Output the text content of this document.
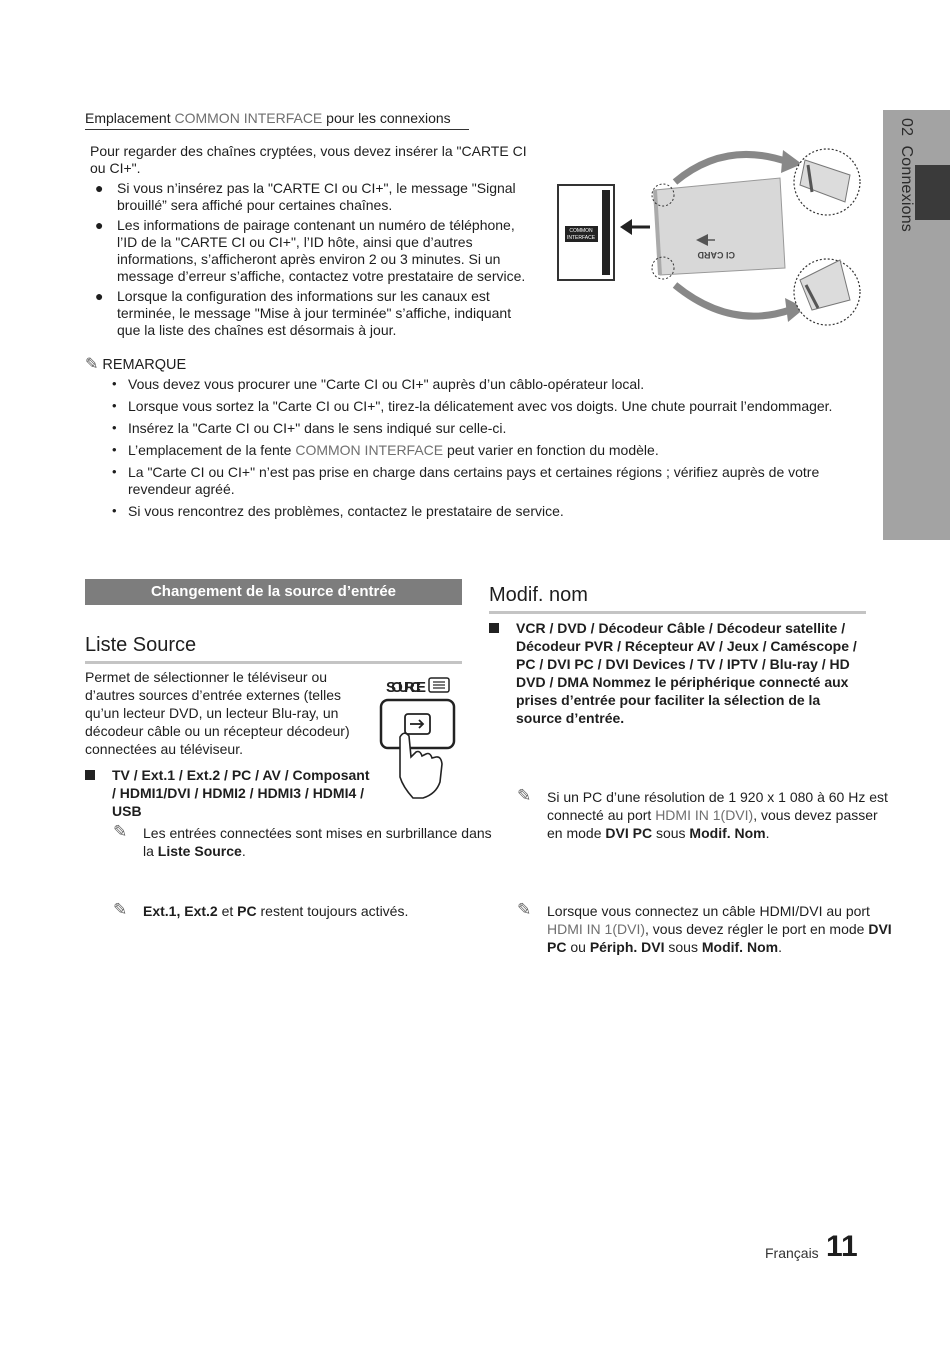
02  Connexions
Emplacement COMMON INTERFACE pour les connexions
Pour regarder des chaînes cryptées, vous devez insérer la "CARTE CI ou CI+".
● Si vous n’insérez pas la "CARTE CI ou CI+", le message "Signal brouillé” sera affiché pour certaines chaînes.
● Les informations de pairage contenant un numéro de téléphone, l’ID de la "CARTE CI ou CI+", l’ID hôte, ainsi que d’autres informations, s’afficheront après environ 2 ou 3 minutes. Si un message d’erreur s’affiche, contactez votre prestataire de service.
● Lorsque la configuration des informations sur les canaux est terminée, le message "Mise à jour terminée" s’affiche, indiquant que la liste des chaînes est désormais à jour.
COMMON
INTERFACE
CI CARD
✎ REMARQUE
• Vous devez vous procurer une "Carte CI ou CI+" auprès d’un câblo-opérateur local.
• Lorsque vous sortez la "Carte CI ou CI+", tirez-la délicatement avec vos doigts. Une chute pourrait l’endommager.
• Insérez la "Carte CI ou CI+" dans le sens indiqué sur celle-ci.
• L’emplacement de la fente COMMON INTERFACE peut varier en fonction du modèle.
• La "Carte CI ou CI+" n’est pas prise en charge dans certains pays et certaines régions ; vérifiez auprès de votre revendeur agréé.
• Si vous rencontrez des problèmes, contactez le prestataire de service.
Changement de la source d’entrée
Liste Source
Permet de sélectionner le téléviseur ou d’autres sources d’entrée externes (telles qu’un lecteur DVD, un lecteur Blu-ray, un décodeur câble ou un récepteur décodeur) connectées au téléviseur.
SOURCE
TV / Ext.1 / Ext.2 / PC / AV / Composant / HDMI1/DVI / HDMI2 / HDMI3 / HDMI4 / USB
✎ Les entrées connectées sont mises en surbrillance dans la Liste Source.
✎ Ext.1, Ext.2 et PC restent toujours activés.
Modif. nom
VCR / DVD / Décodeur Câble / Décodeur satellite / Décodeur PVR / Récepteur AV / Jeux / Caméscope / PC / DVI PC / DVI Devices / TV / IPTV / Blu-ray / HD DVD / DMA Nommez le périphérique connecté aux prises d’entrée pour faciliter la sélection de la source d’entrée.
✎ Si un PC d’une résolution de 1 920 x 1 080 à 60 Hz est connecté au port HDMI IN 1(DVI), vous devez passer en mode DVI PC sous Modif. Nom.
✎ Lorsque vous connectez un câble HDMI/DVI au port HDMI IN 1(DVI), vous devez régler le port en mode DVI PC ou Périph. DVI sous Modif. Nom.
Français 11
